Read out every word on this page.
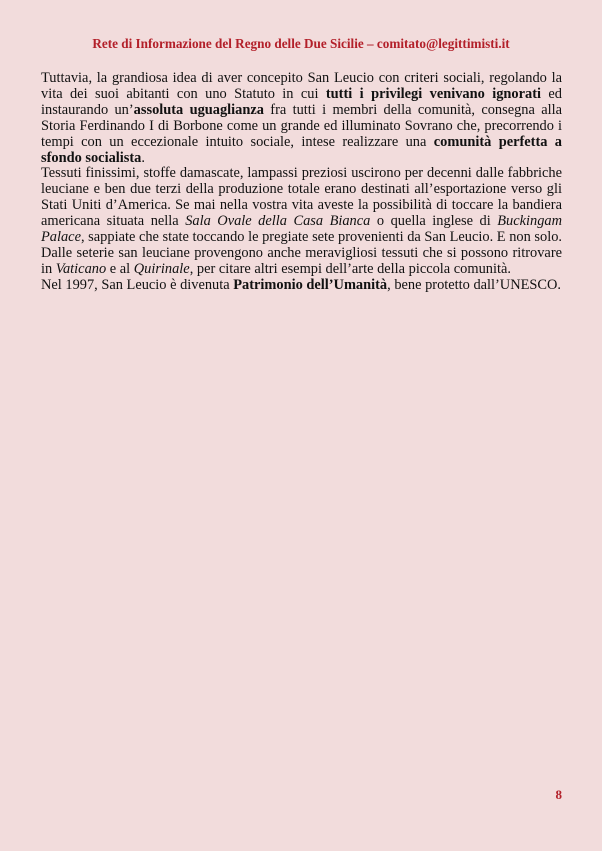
Rete di Informazione del Regno delle Due Sicilie – comitato@legittimisti.it

Tuttavia, la grandiosa idea di aver concepito San Leucio con criteri sociali, regolando la vita dei suoi abitanti con uno Statuto in cui tutti i privilegi venivano ignorati ed instaurando un’assoluta uguaglianza fra tutti i membri della comunità, consegna alla Storia Ferdinando I di Borbone come un grande ed illuminato Sovrano che, precorrendo i tempi con un eccezionale intuito sociale, intese realizzare una comunità perfetta a sfondo socialista.

Tessuti finissimi, stoffe damascate, lampassi preziosi uscirono per decenni dalle fabbriche leuciane e ben due terzi della produzione totale erano destinati all’esportazione verso gli Stati Uniti d’America. Se mai nella vostra vita aveste la possibilità di toccare la bandiera americana situata nella Sala Ovale della Casa Bianca o quella inglese di Buckingam Palace, sappiate che state toccando le pregiate sete provenienti da San Leucio. E non solo. Dalle seterie san leuciane provengono anche meravigliosi tessuti che si possono ritrovare in Vaticano e al Quirinale, per citare altri esempi dell’arte della piccola comunità.

Nel 1997, San Leucio è divenuta Patrimonio dell’Umanità, bene protetto dall’UNESCO.

8
